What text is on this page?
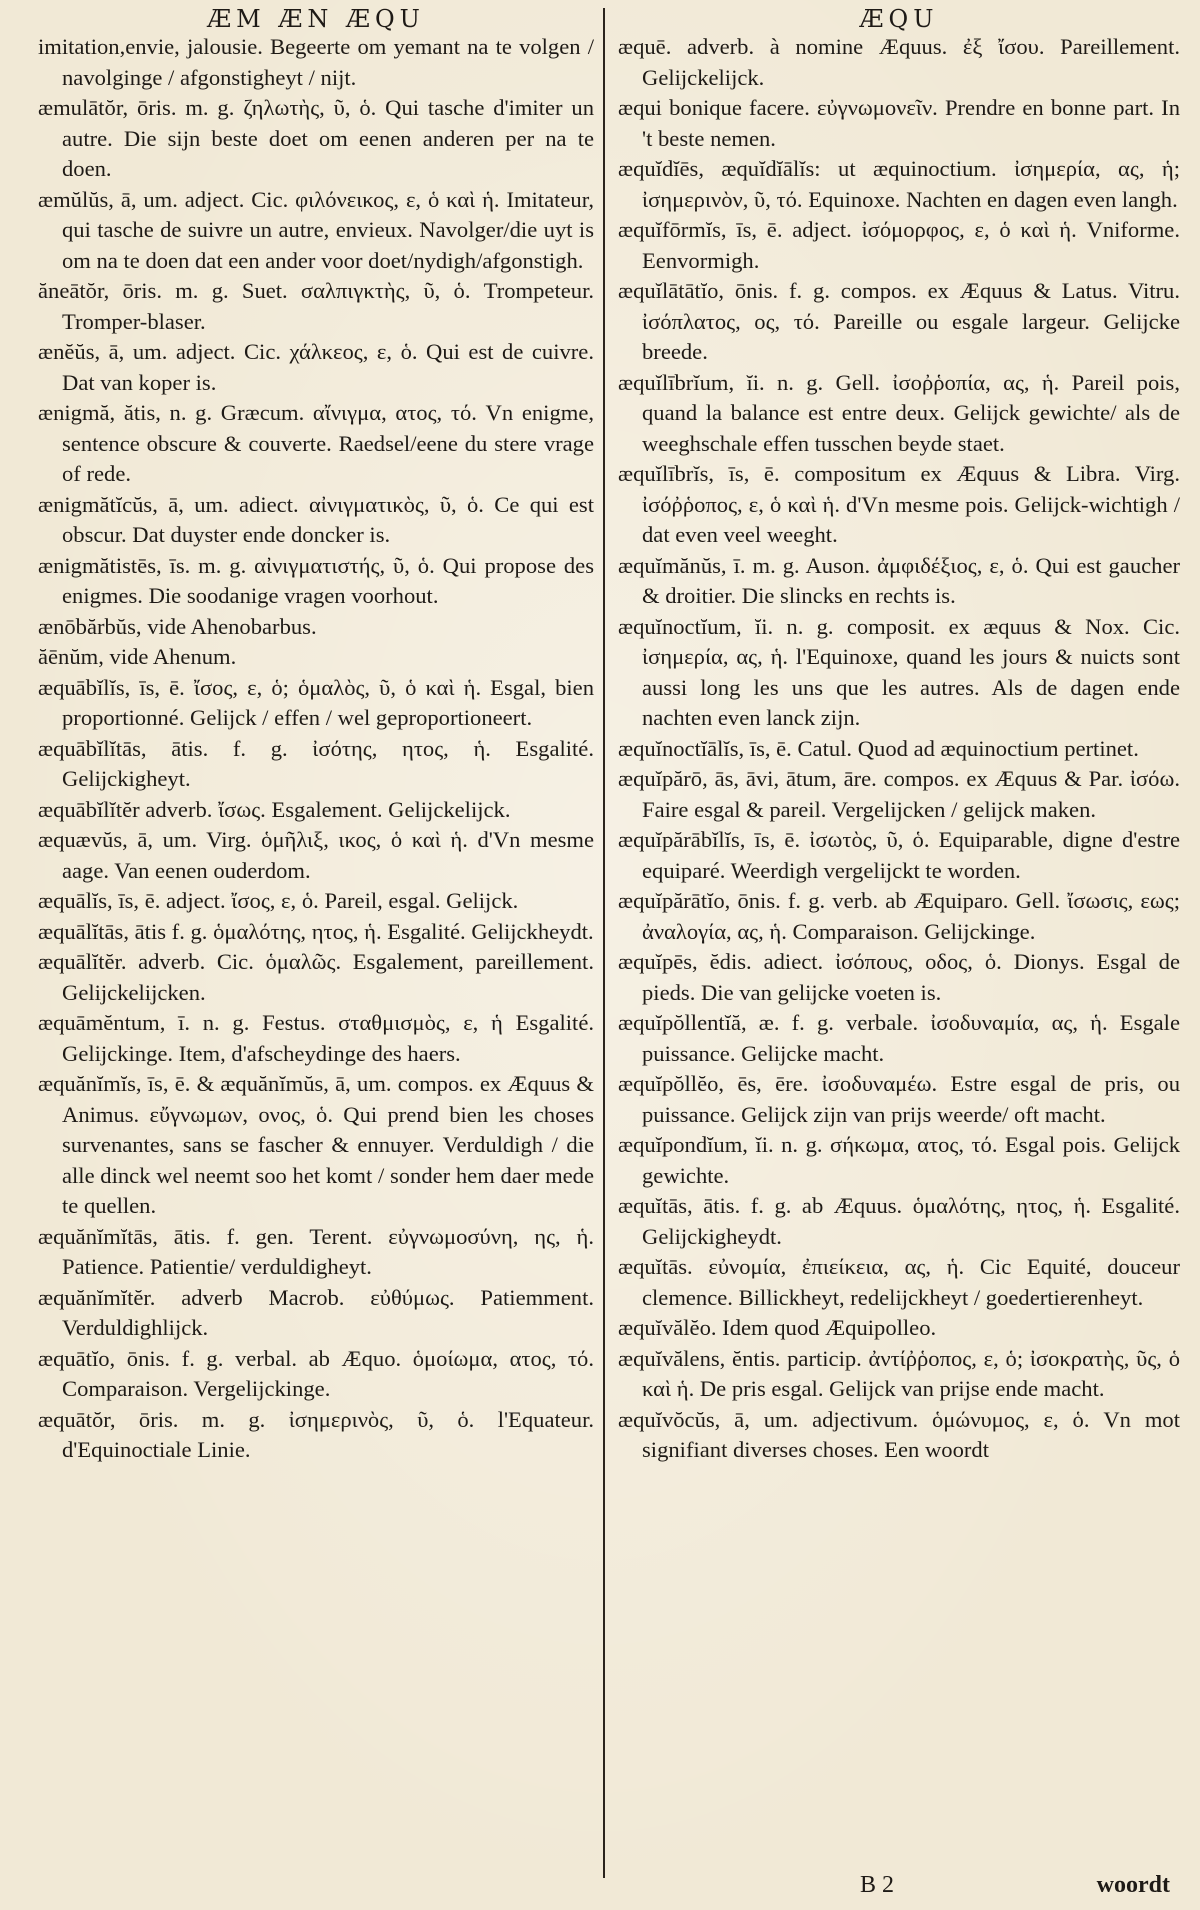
ÆM ÆN ÆQU

imitation,envie, jalousie. Begeerte om yemant na te volgen / navolginge / afgonstigheyt / nijt.

æmulātŏr, ōris. m. g. ζηλωτὴς, ῦ, ὁ. Qui tasche d'imiter un autre. Die sijn beste doet om eenen anderen per na te doen.

æmŭlŭs, ā, um. adject. Cic. φιλόνεικος, ε, ὁ καὶ ἡ. Imitateur, qui tasche de suivre un autre, envieux. Navolger/die uyt is om na te doen dat een ander voor doet/nydigh/afgonstigh.

ăneātŏr, ōris. m. g. Suet. σαλπιγκτὴς, ῦ, ὁ. Trompeteur. Tromper-blaser.

ænĕŭs, ā, um. adject. Cic. χάλκεος, ε, ὁ. Qui est de cuivre. Dat van koper is.

ænigmă, ătis, n. g. Græcum. αἴνιγμα, ατος, τό. Vn enigme, sentence obscure & couverte. Raedsel/eene du stere vrage of rede.

ænigmătĭcŭs, ā, um. adiect. αἰνιγματικὸς, ῦ, ὁ. Ce qui est obscur. Dat duyster ende doncker is.

ænigmătistēs, īs. m. g. αἰνιγματιστής, ῦ, ὁ. Qui propose des enigmes. Die soodanige vragen voorhout.

ænōbărbŭs, vide Ahenobarbus.

ăēnŭm, vide Ahenum.

æquābĭlĭs, īs, ē. ἴσος, ε, ὁ; ὁμαλὸς, ῦ, ὁ καὶ ἡ. Esgal, bien proportionné. Gelijck / effen / wel geproportioneert.

æquābĭlĭtās, ātis. f. g. ἰσότης, ητος, ἡ. Esgalité. Gelijckigheyt.

æquābĭlĭtĕr adverb. ἴσως. Esgalement. Gelijckelijck.

æquævŭs, ā, um. Virg. ὁμῆλιξ, ικος, ὁ καὶ ἡ. d'Vn mesme aage. Van eenen ouderdom.

æquālĭs, īs, ē. adject. ἴσος, ε, ὁ. Pareil, esgal. Gelijck.

æquālĭtās, ātis f. g. ὁμαλότης, ητος, ἡ. Esgalité. Gelijckheydt.

æquālĭtĕr. adverb. Cic. ὁμαλῶς. Esgalement, pareillement. Gelijckelijcken.

æquāmĕntum, ī. n. g. Festus. σταθμισμὸς, ε, ἡ Esgalité. Gelijckinge. Item, d'afscheydinge des haers.

æquănĭmĭs, īs, ē. & æquănĭmŭs, ā, um. compos. ex Æquus & Animus. εὔγνωμων, ονος, ὁ. Qui prend bien les choses survenantes, sans se fascher & ennuyer. Verduldigh / die alle dinck wel neemt soo het komt / sonder hem daer mede te quellen.

æquănĭmĭtās, ātis. f. gen. Terent. εὐγνωμοσύνη, ης, ἡ. Patience. Patientie/ verduldigheyt.

æquănĭmĭtĕr. adverb Macrob. εὐθύμως. Patiemment. Verduldighlijck.

æquātĭo, ōnis. f. g. verbal. ab Æquo. ὁμοίωμα, ατος, τό. Comparaison. Vergelijckinge.

æquātŏr, ōris. m. g. ἰσημερινὸς, ῦ, ὁ. l'Equateur. d'Equinoctiale Linie.

ÆQU

æquē. adverb. à nomine Æquus. ἐξ ἴσου. Pareillement. Gelijckelijck.

æqui bonique facere. εὐγνωμονεῖν. Prendre en bonne part. In 't beste nemen.

æquĭdĭēs, æquĭdĭālĭs: ut æquinoctium. ἰσημερία, ας, ἡ; ἰσημερινὸν, ῦ, τό. Equinoxe. Nachten en dagen even langh.

æquĭfōrmĭs, īs, ē. adject. ἰσόμορφος, ε, ὁ καὶ ἡ. Vniforme. Eenvormigh.

æquĭlātātĭo, ōnis. f. g. compos. ex Æquus & Latus. Vitru. ἰσόπλατος, ος, τό. Pareille ou esgale largeur. Gelijcke breede.

æquĭlībrĭum, ĭi. n. g. Gell. ἰσοῤῥοπία, ας, ἡ. Pareil pois, quand la balance est entre deux. Gelijck gewichte/ als de weeghschale effen tusschen beyde staet.

æquĭlībrĭs, īs, ē. compositum ex Æquus & Libra. Virg. ἰσόῤῥοπος, ε, ὁ καὶ ἡ. d'Vn mesme pois. Gelijck-wichtigh / dat even veel weeght.

æquĭmănŭs, ī. m. g. Auson. ἀμφιδέξιος, ε, ὁ. Qui est gaucher & droitier. Die slincks en rechts is.

æquĭnoctĭum, ĭi. n. g. composit. ex æquus & Nox. Cic. ἰσημερία, ας, ἡ. l'Equinoxe, quand les jours & nuicts sont aussi long les uns que les autres. Als de dagen ende nachten even lanck zijn.

æquĭnoctĭālĭs, īs, ē. Catul. Quod ad æquinoctium pertinet.

æquĭpărō, ās, āvi, ātum, āre. compos. ex Æquus & Par. ἰσόω. Faire esgal & pareil. Vergelijcken / gelijck maken.

æquĭpărābĭlĭs, īs, ē. ἰσωτὸς, ῦ, ὁ. Equiparable, digne d'estre equiparé. Weerdigh vergelijckt te worden.

æquĭpărātĭo, ōnis. f. g. verb. ab Æquiparo. Gell. ἴσωσις, εως; ἀναλογία, ας, ἡ. Comparaison. Gelijckinge.

æquĭpēs, ĕdis. adiect. ἰσόπους, οδος, ὁ. Dionys. Esgal de pieds. Die van gelijcke voeten is.

æquĭpŏllentĭă, æ. f. g. verbale. ἰσοδυναμία, ας, ἡ. Esgale puissance. Gelijcke macht.

æquĭpŏllĕo, ēs, ēre. ἰσοδυναμέω. Estre esgal de pris, ou puissance. Gelijck zijn van prijs weerde/ oft macht.

æquĭpondĭum, ĭi. n. g. σήκωμα, ατος, τό. Esgal pois. Gelijck gewichte.

æquĭtās, ātis. f. g. ab Æquus. ὁμαλότης, ητος, ἡ. Esgalité. Gelijckigheydt.

æquĭtās. εὐνομία, ἐπιείκεια, ας, ἡ. Cic Equité, douceur clemence. Billickheyt, redelijckheyt / goedertierenheyt.

æquĭvălĕo. Idem quod Æquipolleo.

æquĭvălens, ĕntis. particip. ἀντίῤῥοπος, ε, ὁ; ἰσοκρατὴς, ῦς, ὁ καὶ ἡ. De pris esgal. Gelijck van prijse ende macht.

æquĭvŏcŭs, ā, um. adjectivum. ὁμώνυμος, ε, ὁ. Vn mot signifiant diverses choses. Een woordt

B 2	woordt
